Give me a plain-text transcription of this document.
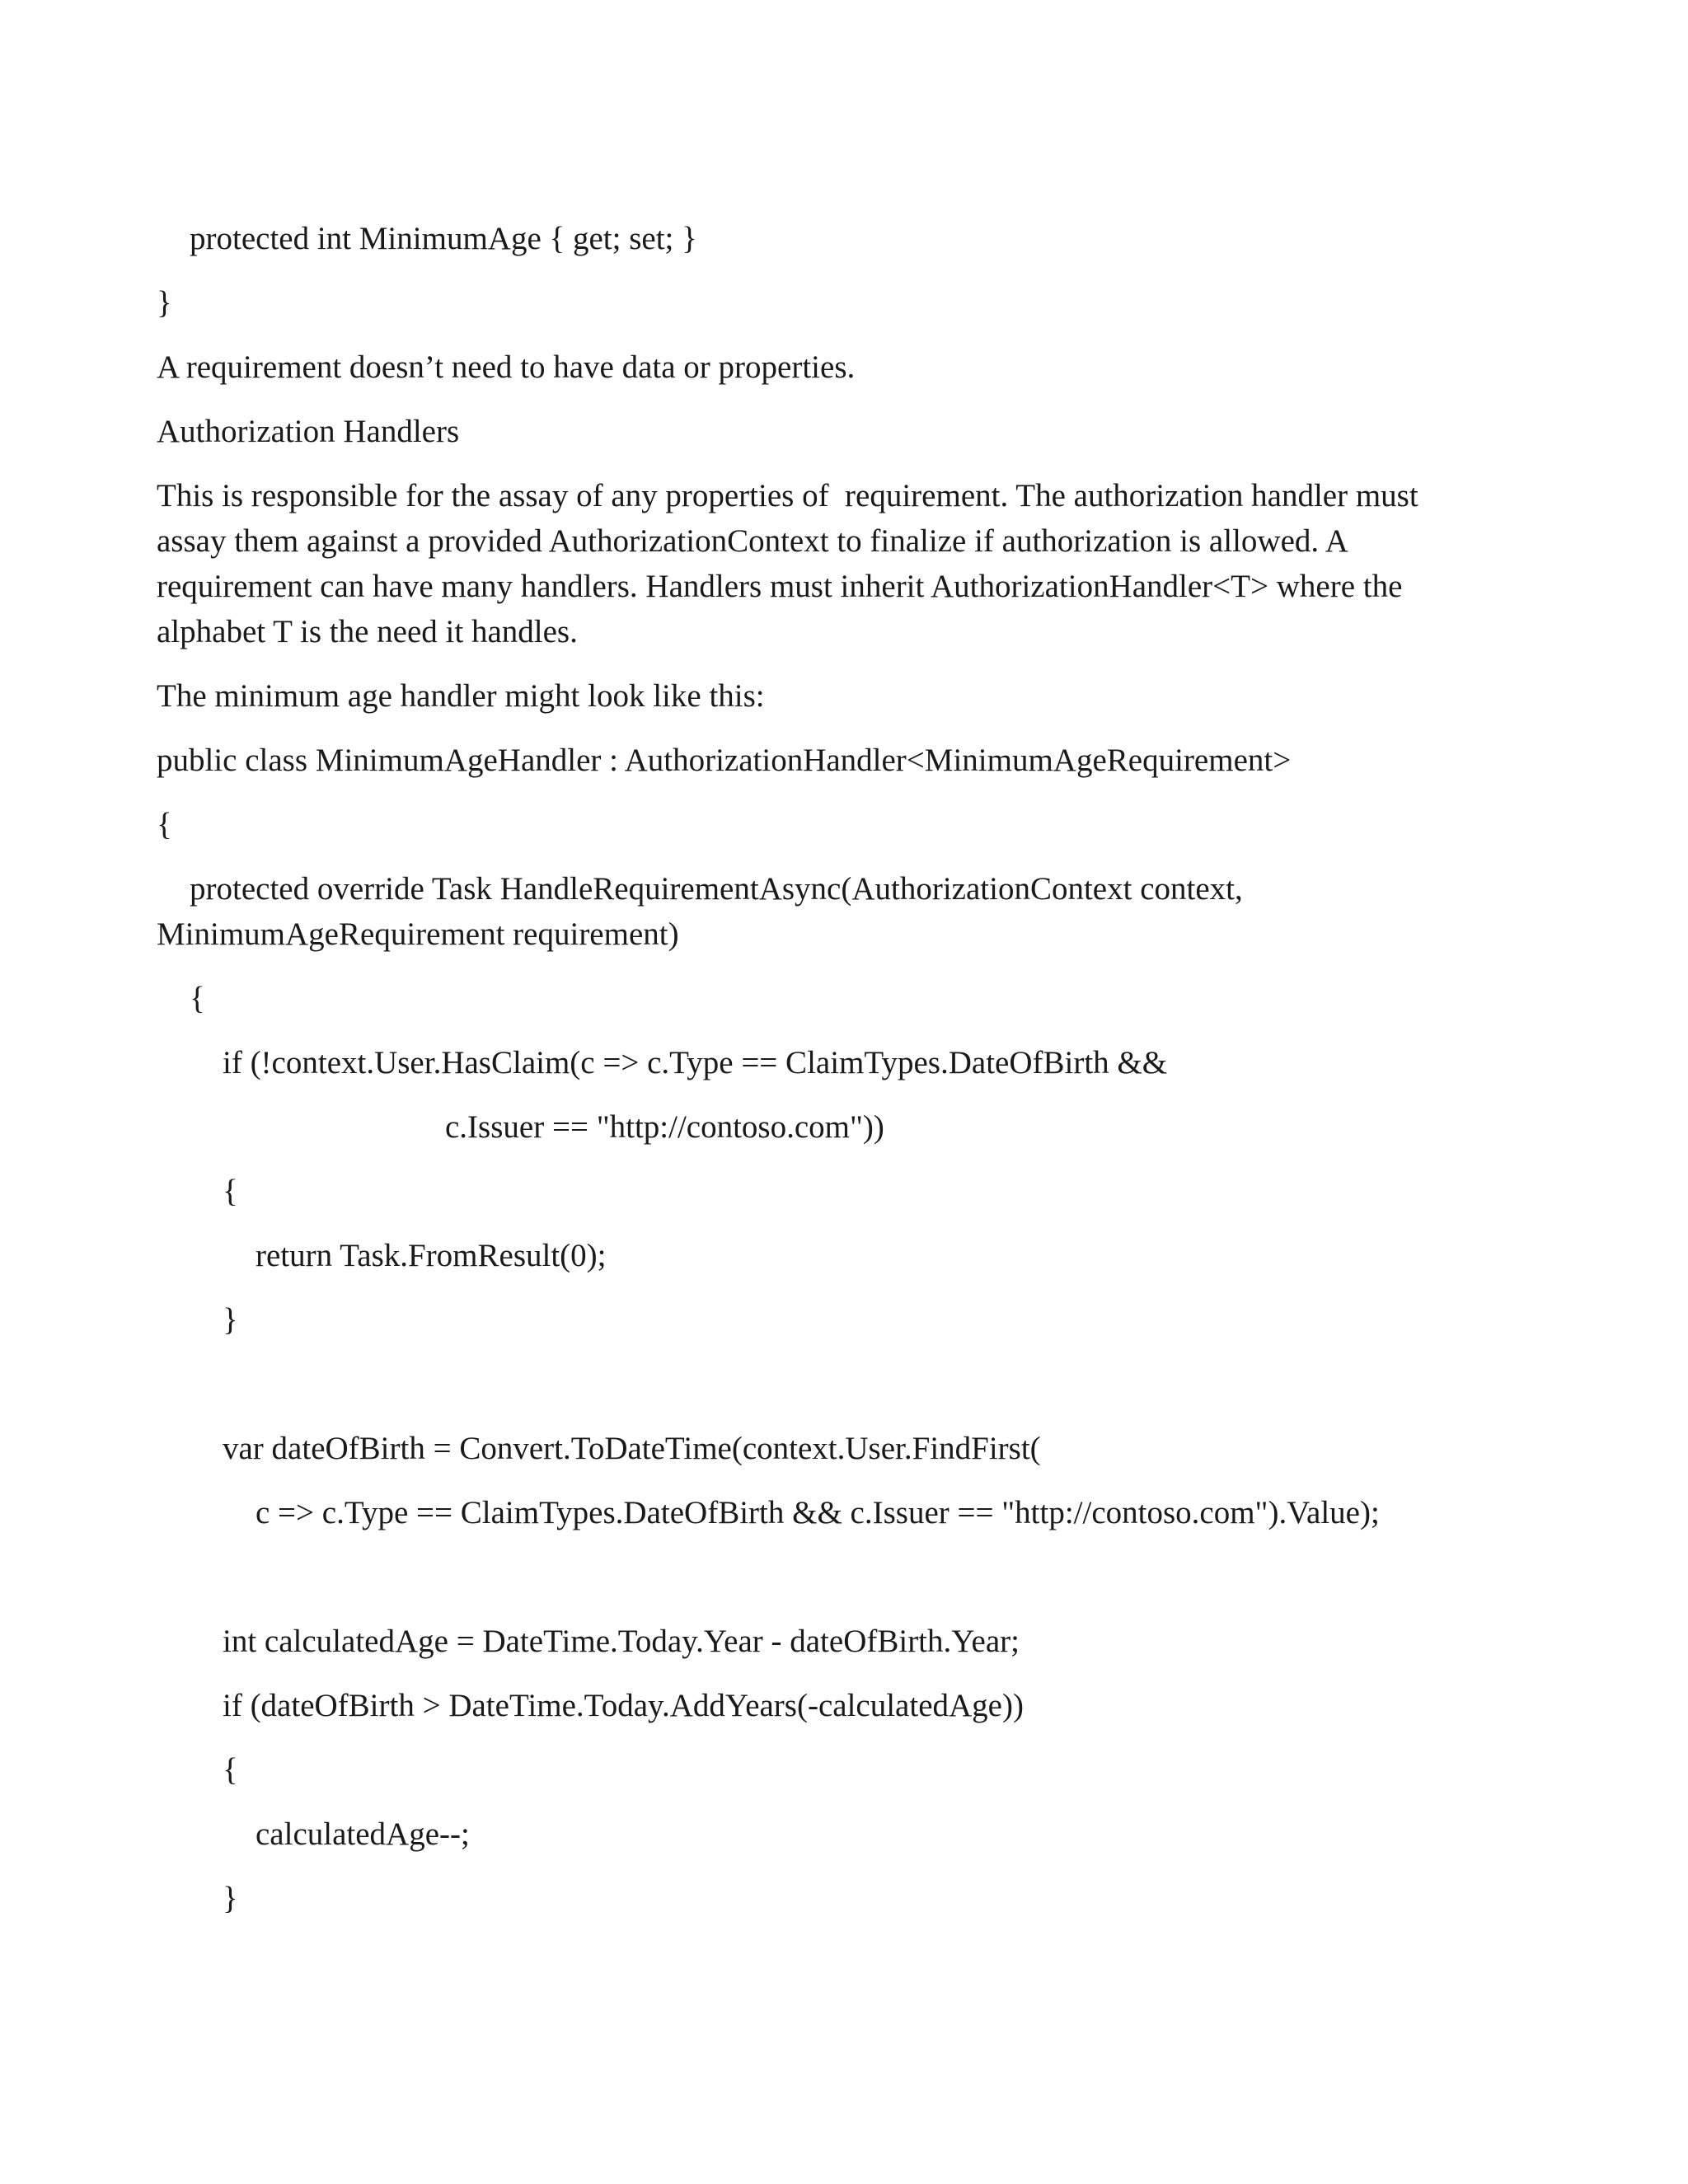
protected int MinimumAge { get; set; }

}

A requirement doesn’t need to have data or properties.

Authorization Handlers

This is responsible for the assay of any properties of  requirement. The authorization handler must

assay them against a provided AuthorizationContext to finalize if authorization is allowed. A

requirement can have many handlers. Handlers must inherit AuthorizationHandler<T> where the

alphabet T is the need it handles.

The minimum age handler might look like this:

public class MinimumAgeHandler : AuthorizationHandler<MinimumAgeRequirement>

{

protected override Task HandleRequirementAsync(AuthorizationContext context,

MinimumAgeRequirement requirement)

{

if (!context.User.HasClaim(c => c.Type == ClaimTypes.DateOfBirth &&

c.Issuer == "http://contoso.com"))

{

return Task.FromResult(0);

}

var dateOfBirth = Convert.ToDateTime(context.User.FindFirst(

c => c.Type == ClaimTypes.DateOfBirth && c.Issuer == "http://contoso.com").Value);

int calculatedAge = DateTime.Today.Year - dateOfBirth.Year;

if (dateOfBirth > DateTime.Today.AddYears(-calculatedAge))

{

calculatedAge--;

}
